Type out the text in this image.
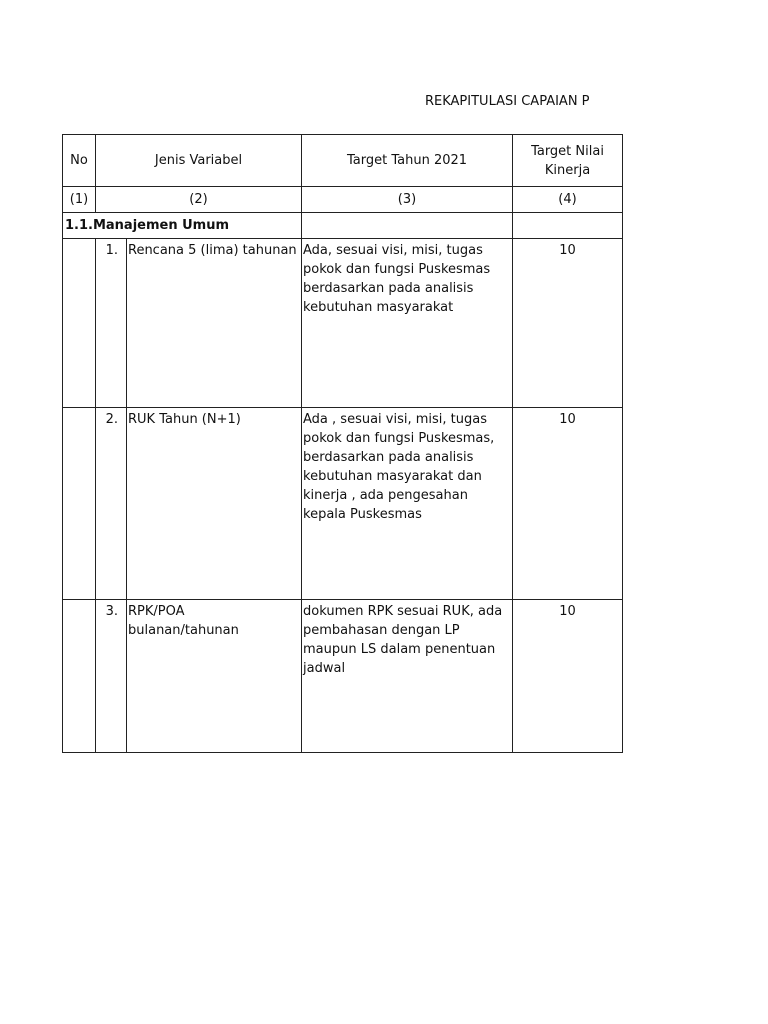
REKAPITULASI CAPAIAN P
No	Jenis Variabel		Target Tahun 2021	Target Nilai Kinerja
(1)	(2)		(3)	(4)
1.1.Manajemen Umum				
	1.	Rencana 5 (lima) tahunan	Ada, sesuai visi, misi, tugas pokok dan fungsi Puskesmas berdasarkan pada analisis kebutuhan masyarakat	10
	2.	RUK Tahun (N+1)	Ada , sesuai visi, misi, tugas pokok dan fungsi Puskesmas, berdasarkan pada analisis kebutuhan masyarakat dan kinerja , ada pengesahan kepala Puskesmas	10
	3.	RPK/POA bulanan/tahunan	dokumen RPK sesuai RUK, ada pembahasan dengan LP maupun LS dalam penentuan jadwal	10
